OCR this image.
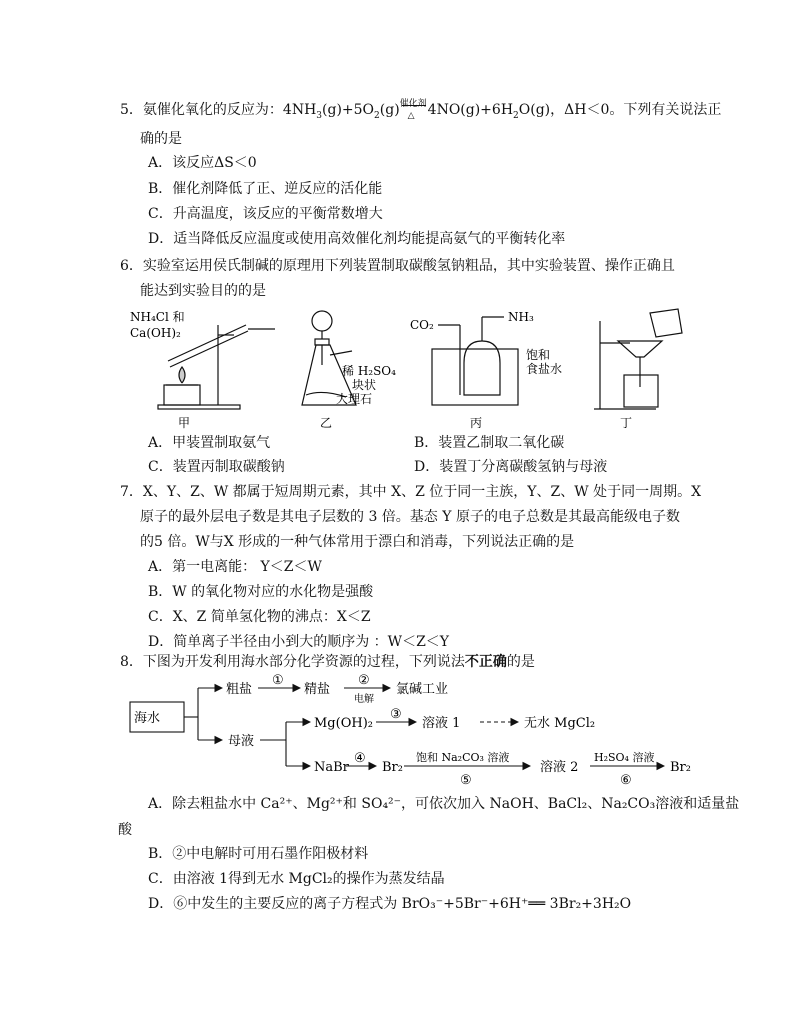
5．氨催化氧化的反应为：$4NH_3(g)+5O_2(g)$ 催化剂
△ $4NO(g)+6H_2O(g)$，ΔH＜0。下列有关说法正
确的是
A．该反应ΔS＜0
B．催化剂降低了正、逆反应的活化能
C．升高温度，该反应的平衡常数增大
D．适当降低反应温度或使用高效催化剂均能提高氨气的平衡转化率
6．实验室运用侯氏制碱的原理用下列装置制取碳酸氢钠粗品，其中实验装置、操作正确且
能达到实验目的的是
NH₄Cl 和
Ca(OH)₂
甲
稀 H₂SO₄
块状
大理石
乙
CO₂
NH₃
饱和
食盐水
丙	丁
A．甲装置制取氨气	B．装置乙制取二氧化碳
C．装置丙制取碳酸钠	D．装置丁分离碳酸氢钠与母液
7．X、Y、Z、W 都属于短周期元素，其中 X、Z 位于同一主族，Y、Z、W 处于同一周期。X
原子的最外层电子数是其电子层数的 3 倍。基态 Y 原子的电子总数是其最高能级电子数
的5 倍。W与X 形成的一种气体常用于漂白和消毒，下列说法正确的是
A．第一电离能： Y＜Z＜W
B．W 的氧化物对应的水化物是强酸
C．X、Z 简单氢化物的沸点：X＜Z
D．简单离子半径由小到大的顺序为 ：W＜Z＜Y
8．下图为开发利用海水部分化学资源的过程，下列说法不正确的是
海水
粗盐
①
精盐
②
电解
氯碱工业
母液
Mg(OH)₂
③
溶液 1	无水 MgCl₂
NaBr
④
Br₂
饱和 Na₂CO₃ 溶液
⑤
溶液 2
H₂SO₄ 溶液
⑥
Br₂
A．除去粗盐水中 Ca²⁺、Mg²⁺和 SO₄²⁻，可依次加入 NaOH、BaCl₂、Na₂CO₃溶液和适量盐
酸
B．②中电解时可用石墨作阳极材料
C．由溶液 1得到无水 MgCl₂的操作为蒸发结晶
D．⑥中发生的主要反应的离子方程式为 BrO₃⁻+5Br⁻+6H⁺══ 3Br₂+3H₂O
